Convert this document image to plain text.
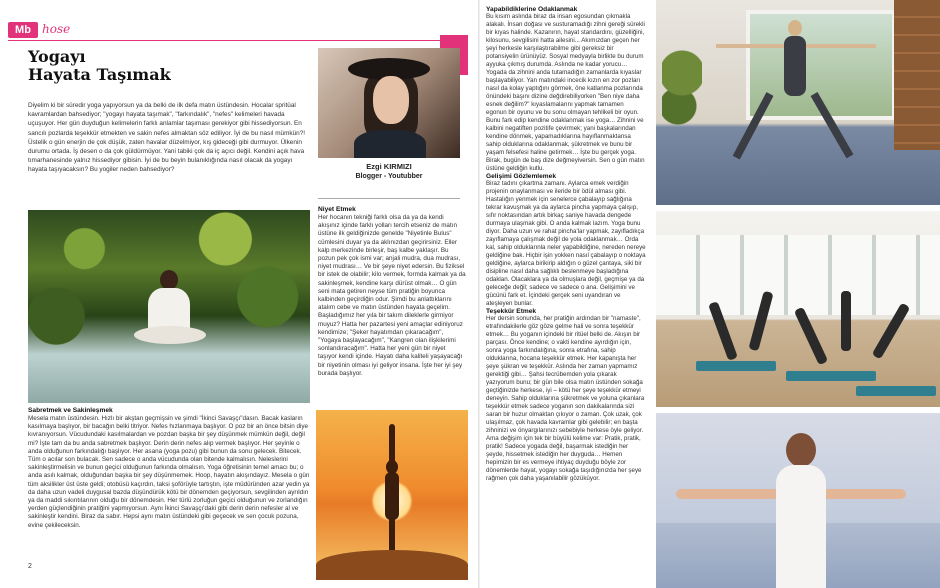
Mb hose
Yogayı
Hayata Taşımak

Diyelim ki bir süredir yoga yapıyorsun ya da belki de ilk defa matın üstündesin. Hocalar spritüal kavramlardan bahsediyor; "yogayı hayata taşımak", "farkındalık", "nefes" kelimeleri havada uçuşuyor. Her gün duyduğun kelimelerin farklı anlamlar taşıması gerekiyor gibi hissediyorsun. En sancılı pozlarda teşekkür etmekten ve sakin nefes almaktan söz ediliyor. İyi de bu nasıl mümkün?! Üstelik o gün enerjin de çok düşük, zaten havalar düzelmiyor, kış gideceği gibi durmuyor. Ülkenin durumu ortada. İş desen o da çok güldürmüyor. Yani tabiki çok da iç açıcı değil. Kendini açık hava tımarhanesinde yalnız hissediyor gibisin. İyi de bu beyin bulanıklığında nasıl olacak da yogayı hayata taşıyacaksın? Bu yogiler neden bahsediyor?	Ezgi KIRMIZI
Blogger - Youtubber
Niyet Etmek
Her hocanın tekniği farklı olsa da ya da kendi akışınız içinde farklı yolları tercih etseniz de matın üstüne ilk geldiğinizde genelde "Niyetinle Bulus" cümlesini duyar ya da aklınızdan geçirirsiniz. Eller kalp merkezinde birleşir, baş kalbe yaklaşır. Bu pozun pek çok ismi var; anjali mudra, dua mudrası, niyet mudrası… Ve bir şeye niyet edersin. Bu fiziksel bir istek de olabilir; kilo vermek, formda kalmak ya da sakinleşmek, kendine karşı dürüst olmak… O gün seni mata getiren neyse tüm pratiğin boyunca kalbinden geçirdiğin odur. Şimdi bu anlattıklarını atalım cebe ve matın üstünden hayata geçelim. Başladığımız her yıla bir takım dileklerle girmiyor muyuz? Hatta her pazartesi yeni amaçlar ediniyoruz kendimize; "Şeker hayatımdan çıkaracağım", "Yogaya başlayacağım", "Kangren olan ilişkilerimi sonlandıracağım". Hatta her yeni gün bir niyet taşıyor kendi içinde. Hayatı daha kaliteli yaşayacağı bir niyetinin olması iyi geliyor insana. İşte her iyi şey burada başlıyor.
Sabretmek ve Sakinleşmek
Mesela matın üstündesin. Hızlı bir akştan geçmişsin ve şimdi "İkinci Savaşçı"dasın. Bacak kasların kasılmaya başlıyor, bir bacağın belki titriyor. Nefes hızlanmaya başlıyor. O poz bir an önce bitsin diye kıvranıyorsun. Vücudundaki kasılmalardan ve pozdan başka bir şey düşünmek mümkün değil, değil mi? İşte tam da bu anda sabretmek başlıyor. Derin derin nefes alıp vermek başlıyor. Her şeyinle o anda olduğunun farkındalığı başlıyor. Her asana (yoga pozu) gibi bunun da sonu gelecek. Bitecek. Tüm o acılar son bulacak. Sen sadece o anda vücudunda olan bitende kalmalısın. Neleslerini sakinleştirmelisin ve bunun geçici olduğunun farkında olmalısın. Yoga öğretisinin temel amacı bu; o anda asılı kalmak, olduğundan başka bir şey düşünmemek. Hoop, hayatın akışındayız. Mesela o gün tüm aksilikler üst üste geldi; otobüsü kaçırdın, taksi şoförüyle tartıştın, işte müdüründen azar yedin ya da daha uzun vadeli duygusal bazda düşündürük kötü bir dönemden geçiyorsun, sevgilinden ayrıldın ya da maddi sıkıntılarının olduğu bir dönemdesin. Her türlü zorluğun geçici olduğunun ve zorlandığın yerden güçlendiğinin pratiğini yapmıyorsun. Aynı İkinci Savaşçı'daki gibi derin derin nefesler al ve sakinleştir kendini. Biraz da sabır. Hepsi aynı matın üstündeki gibi geçecek ve sen çocuk pozuna, evine çekileceksin.
2
Yapabildiklerine Odaklanmak
Bu kısım aslında biraz da insan egosundan çıkmakla alakalı. İnsan doğası ve susturamadığı zihni gereği sürekli bir kıyas halinde. Kazanırın, hayat standardını, güzelliğini, kilosunu, sevgilisini hatta ailesini... Akımızdan geçen her şeyi herkesle karşılaştırabilme gibi gereksiz bir potansiyelin ürünüyüz. Sosyal medyayla birlikte bu durum ayyuka çıkmış durumda. Aslında ne kadar yorucu… Yogada da zihnini anda tutamadığın zamanlarda kıyaslar başlayabiliyor. Yan matındaki incecik kızın en zor pozları nasıl da kolay yaptığını görmek, öne katlanma pozlarında önündeki başını dizine değdirebiliyorken "Ben niye daha esnek değilim?" kıyaslamalarını yapmak tamamen egonun bir oyunu ve bu sonu olmayan tehlikeli bir oyun. Bunu fark edip kendine odaklanmak ise yoga… Zihnini ve kalbini negatiften pozitife çevirmek; yani başkalarından kendine dönmek, yapamadıklarına hayıflanmaktansa sahip olduklarına odaklanmak, şükretmek ve bunu bir yaşam felsefesi haline getirmek… İşte bu gerçek yoga. Birak, bugün de baş dize değmeyiversin. Sen o gün matın üstüne geldiğin kutlu.
Gelişimi Gözlemlemek
Biraz tadını çıkartma zamanı. Aylarca emek verdiğin projenin onaylanması ve ileride bir ödül alması gibi. Hastalığın yenmek için senelerce çabalayıp sağlığına tekrar kavuşmak ya da aylarca pincha yapmaya çalışıp, sıfır noktasından artık birkaç saniye havada dengede durmaya ulaşmak gibi. O anda kalmak lazım. Yoga bunu diyor. Daha uzun ve rahat pincha'lar yapmak, zayıfladıkça zayıflamaya çalışmak değil de yola odaklanmak… Orda kal, sahip olduklarınla neler yapabildiğine, nereden nereye geldiğine bak. Hiçbir işin yokken nasıl çabalayıp o noktaya geldiğine, aylarca birikirip aldığın o güzel çantaya, siki bir disipline nasıl daha sağlıklı beslenmeye başladığına odaklan. Olacaklara ya da olmuşlara değil, geçmişe ya da geleceğe değil; sadece ve sadece o ana. Gelişimini ve gücünü fark et. İçindeki gerçek seni uyandıran ve ateşleyen bunlar.
Teşekkür Etmek
Her dersin sonunda, her pratiğin ardından bir "namaste", etrafındakilerle göz göze gelme hali ve sonra teşekkür etmek… Bu yoganın içindeki bir ritüel belki de. Akışın bir parçası. Önce kendine; o vakti kendine ayırdığın için, sonra yoga farkındalığına, sonra etrafına, sahip olduklarına, hocana teşekkür etmek. Her kapanışta her şeye şükran ve teşekkür. Aslında her zaman yapmamız gerektiği gibi… Şahsi tecrübemden yola çıkarak yazıyorum bunu; bir gün bile olsa matın üstünden sokağa geçtiğinizde herkese, iyi – kötü her şeye teşekkür etmeyi deneyin. Sahip olduklarına şükretmek ve yoluna çıkanlara teşekkür etmek sadece yoganın son dakikalarında sizi saran bir huzur olmaktan çıkıyor o zaman. Çok uzak, çok ulaşılmaz, çok havada kavramlar gibi gelebilir; en başta zihninizi ve önyargılarınızı sebebiyle herkese öyle geliyor. Ama değişim için tek bir büyülü kelime var: Pratik, pratik, pratik! Sadece yogada değil, başarmak istediğin her şeyde, hissetmek istediğin her duyguda… Hemen hepimizin bir es vermeye ihtiyaç duyduğu böyle zor dönemlerde hayat, yogayı sokağa taşıdığınızda her şeye rağmen çok daha yaşanılabilir gözüküyor.
